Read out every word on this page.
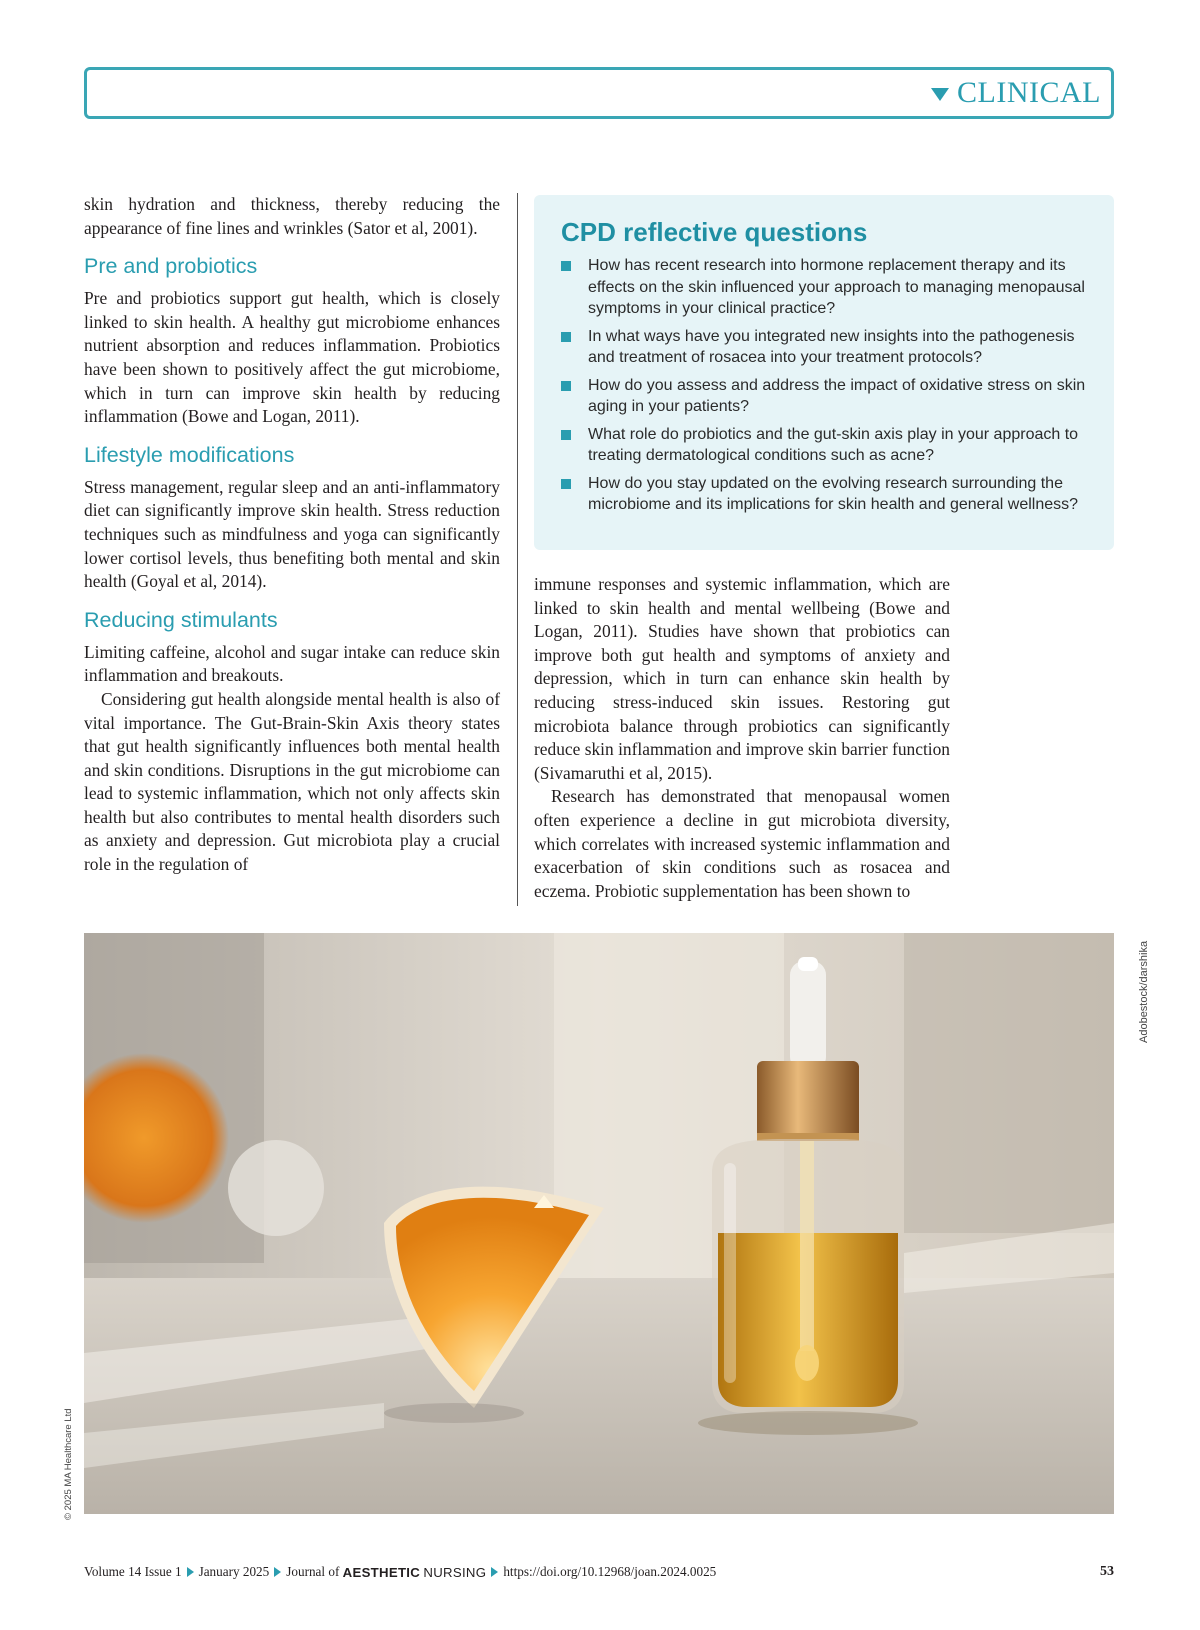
CLINICAL

skin hydration and thickness, thereby reducing the appearance of fine lines and wrinkles (Sator et al, 2001).

Pre and probiotics

Pre and probiotics support gut health, which is closely linked to skin health. A healthy gut microbiome enhances nutrient absorption and reduces inflammation. Probiotics have been shown to positively affect the gut microbiome, which in turn can improve skin health by reducing inflammation (Bowe and Logan, 2011).

Lifestyle modifications

Stress management, regular sleep and an anti-inflammatory diet can significantly improve skin health. Stress reduction techniques such as mindfulness and yoga can significantly lower cortisol levels, thus benefiting both mental and skin health (Goyal et al, 2014).

Reducing stimulants

Limiting caffeine, alcohol and sugar intake can reduce skin inflammation and breakouts.

Considering gut health alongside mental health is also of vital importance. The Gut-Brain-Skin Axis theory states that gut health significantly influences both mental health and skin conditions. Disruptions in the gut microbiome can lead to systemic inflammation, which not only affects skin health but also contributes to mental health disorders such as anxiety and depression. Gut microbiota play a crucial role in the regulation of

CPD reflective questions
How has recent research into hormone replacement therapy and its effects on the skin influenced your approach to managing menopausal symptoms in your clinical practice?
In what ways have you integrated new insights into the pathogenesis and treatment of rosacea into your treatment protocols?
How do you assess and address the impact of oxidative stress on skin aging in your patients?
What role do probiotics and the gut-skin axis play in your approach to treating dermatological conditions such as acne?
How do you stay updated on the evolving research surrounding the microbiome and its implications for skin health and general wellness?

immune responses and systemic inflammation, which are linked to skin health and mental wellbeing (Bowe and Logan, 2011). Studies have shown that probiotics can improve both gut health and symptoms of anxiety and depression, which in turn can enhance skin health by reducing stress-induced skin issues. Restoring gut microbiota balance through probiotics can significantly reduce skin inflammation and improve skin barrier function (Sivamaruthi et al, 2015).

Research has demonstrated that menopausal women often experience a decline in gut microbiota diversity, which correlates with increased systemic inflammation and exacerbation of skin conditions such as rosacea and eczema. Probiotic supplementation has been shown to

Adobestock/darshika
© 2025 MA Healthcare Ltd
Volume 14 Issue 1 January 2025 Journal of
AESTHETIC
NURSING https://doi.org/10.12968/joan.2024.0025	53
